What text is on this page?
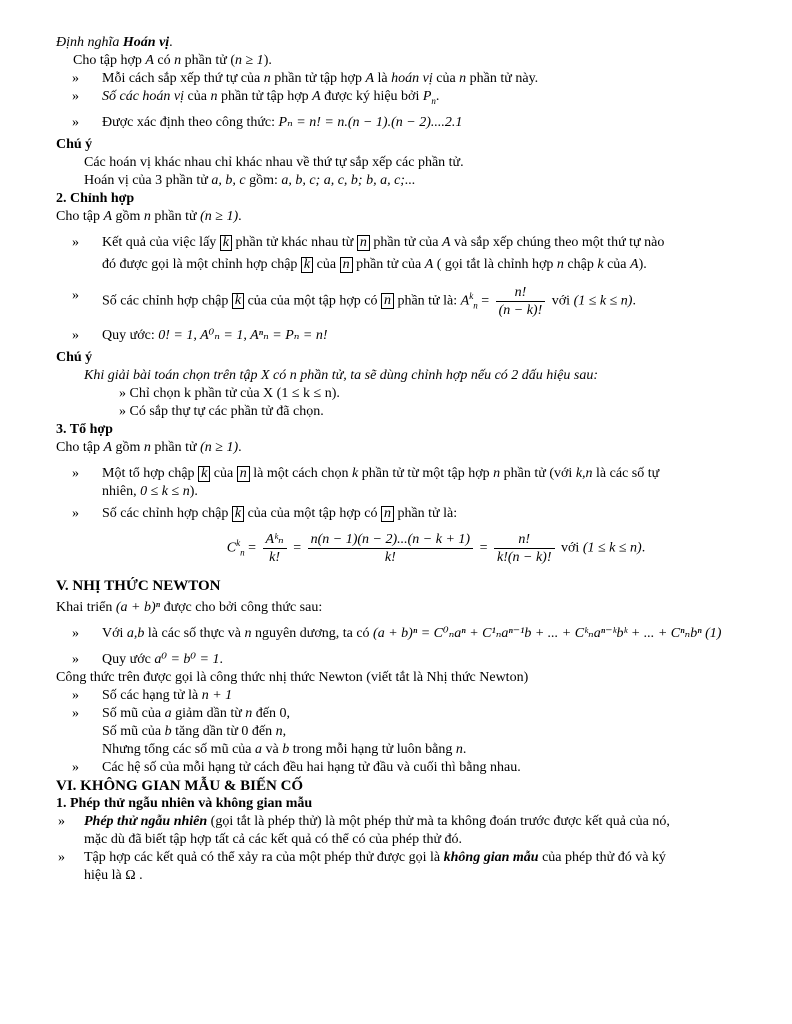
Định nghĩa Hoán vị.
Cho tập hợp A có n phần tử (n ≥ 1).
» Mỗi cách sắp xếp thứ tự của n phần tử tập hợp A là hoán vị của n phần tử này.
» Số các hoán vị của n phần tử tập hợp A được ký hiệu bởi $P_n$.
» Được xác định theo công thức: Pₙ = n! = n.(n − 1).(n − 2)....2.1
Chú ý
Các hoán vị khác nhau chỉ khác nhau về thứ tự sắp xếp các phần tử.
Hoán vị của 3 phần tử a, b, c gồm: a, b, c; a, c, b; b, a, c;...
2. Chỉnh hợp
Cho tập A gồm n phần tử (n ≥ 1).
» Kết quả của việc lấy k phần tử khác nhau từ n phần tử của A và sắp xếp chúng theo một thứ tự nào
đó được gọi là một chỉnh hợp chập k của n phần tử của A ( gọi tắt là chỉnh hợp n chập k của A).
» Số các chỉnh hợp chập k của của một tập hợp có n phần tử là: $A^k_n = \frac{n!}{(n - k)!}$ với (1 ≤ k ≤ n).
» Quy ước: 0! = 1, A⁰ₙ = 1, Aⁿₙ = Pₙ = n!
Chú ý
Khi giải bài toán chọn trên tập X có n phần tử, ta sẽ dùng chỉnh hợp nếu có 2 dấu hiệu sau:
» Chỉ chọn k phần tử của X (1 ≤ k ≤ n).
» Có sắp thự tự các phần tử đã chọn.
3. Tổ hợp
Cho tập A gồm n phần tử (n ≥ 1).
» Một tổ hợp chập k của n là một cách chọn k phần tử từ một tập hợp n phần tử (với k,n là các số tự
nhiên, 0 ≤ k ≤ n).
» Số các chỉnh hợp chập k của của một tập hợp có n phần tử là:
$C^k_n = \frac{\text{Aᵏₙ}}{k!} = \frac{n(n - 1)(n - 2)...(n - k + 1)}{k!} = \frac{n!}{k!(n - k)!}$ với (1 ≤ k ≤ n).
V. NHỊ THỨC NEWTON
Khai triển (a + b)ⁿ được cho bởi công thức sau:
» Với a,b là các số thực và n nguyên dương, ta có (a + b)ⁿ = C⁰ₙaⁿ + C¹ₙaⁿ⁻¹b + ... + Cᵏₙaⁿ⁻ᵏbᵏ + ... + Cⁿₙbⁿ (1)
» Quy ước a⁰ = b⁰ = 1.
Công thức trên được gọi là công thức nhị thức Newton (viết tắt là Nhị thức Newton)
» Số các hạng tử là n + 1
» Số mũ của a giảm dần từ n đến 0,
Số mũ của b tăng dần từ 0 đến n,
Nhưng tổng các số mũ của a và b trong mỗi hạng tử luôn bằng n.
» Các hệ số của mỗi hạng tử cách đều hai hạng tử đầu và cuối thì bằng nhau.
VI. KHÔNG GIAN MẪU & BIẾN CỐ
1. Phép thử ngẫu nhiên và không gian mẫu
» Phép thử ngẫu nhiên (gọi tắt là phép thử) là một phép thử mà ta không đoán trước được kết quả của nó,
mặc dù đã biết tập hợp tất cả các kết quả có thể có của phép thử đó.
» Tập hợp các kết quả có thể xảy ra của một phép thử được gọi là không gian mẫu của phép thử đó và ký
hiệu là Ω .
